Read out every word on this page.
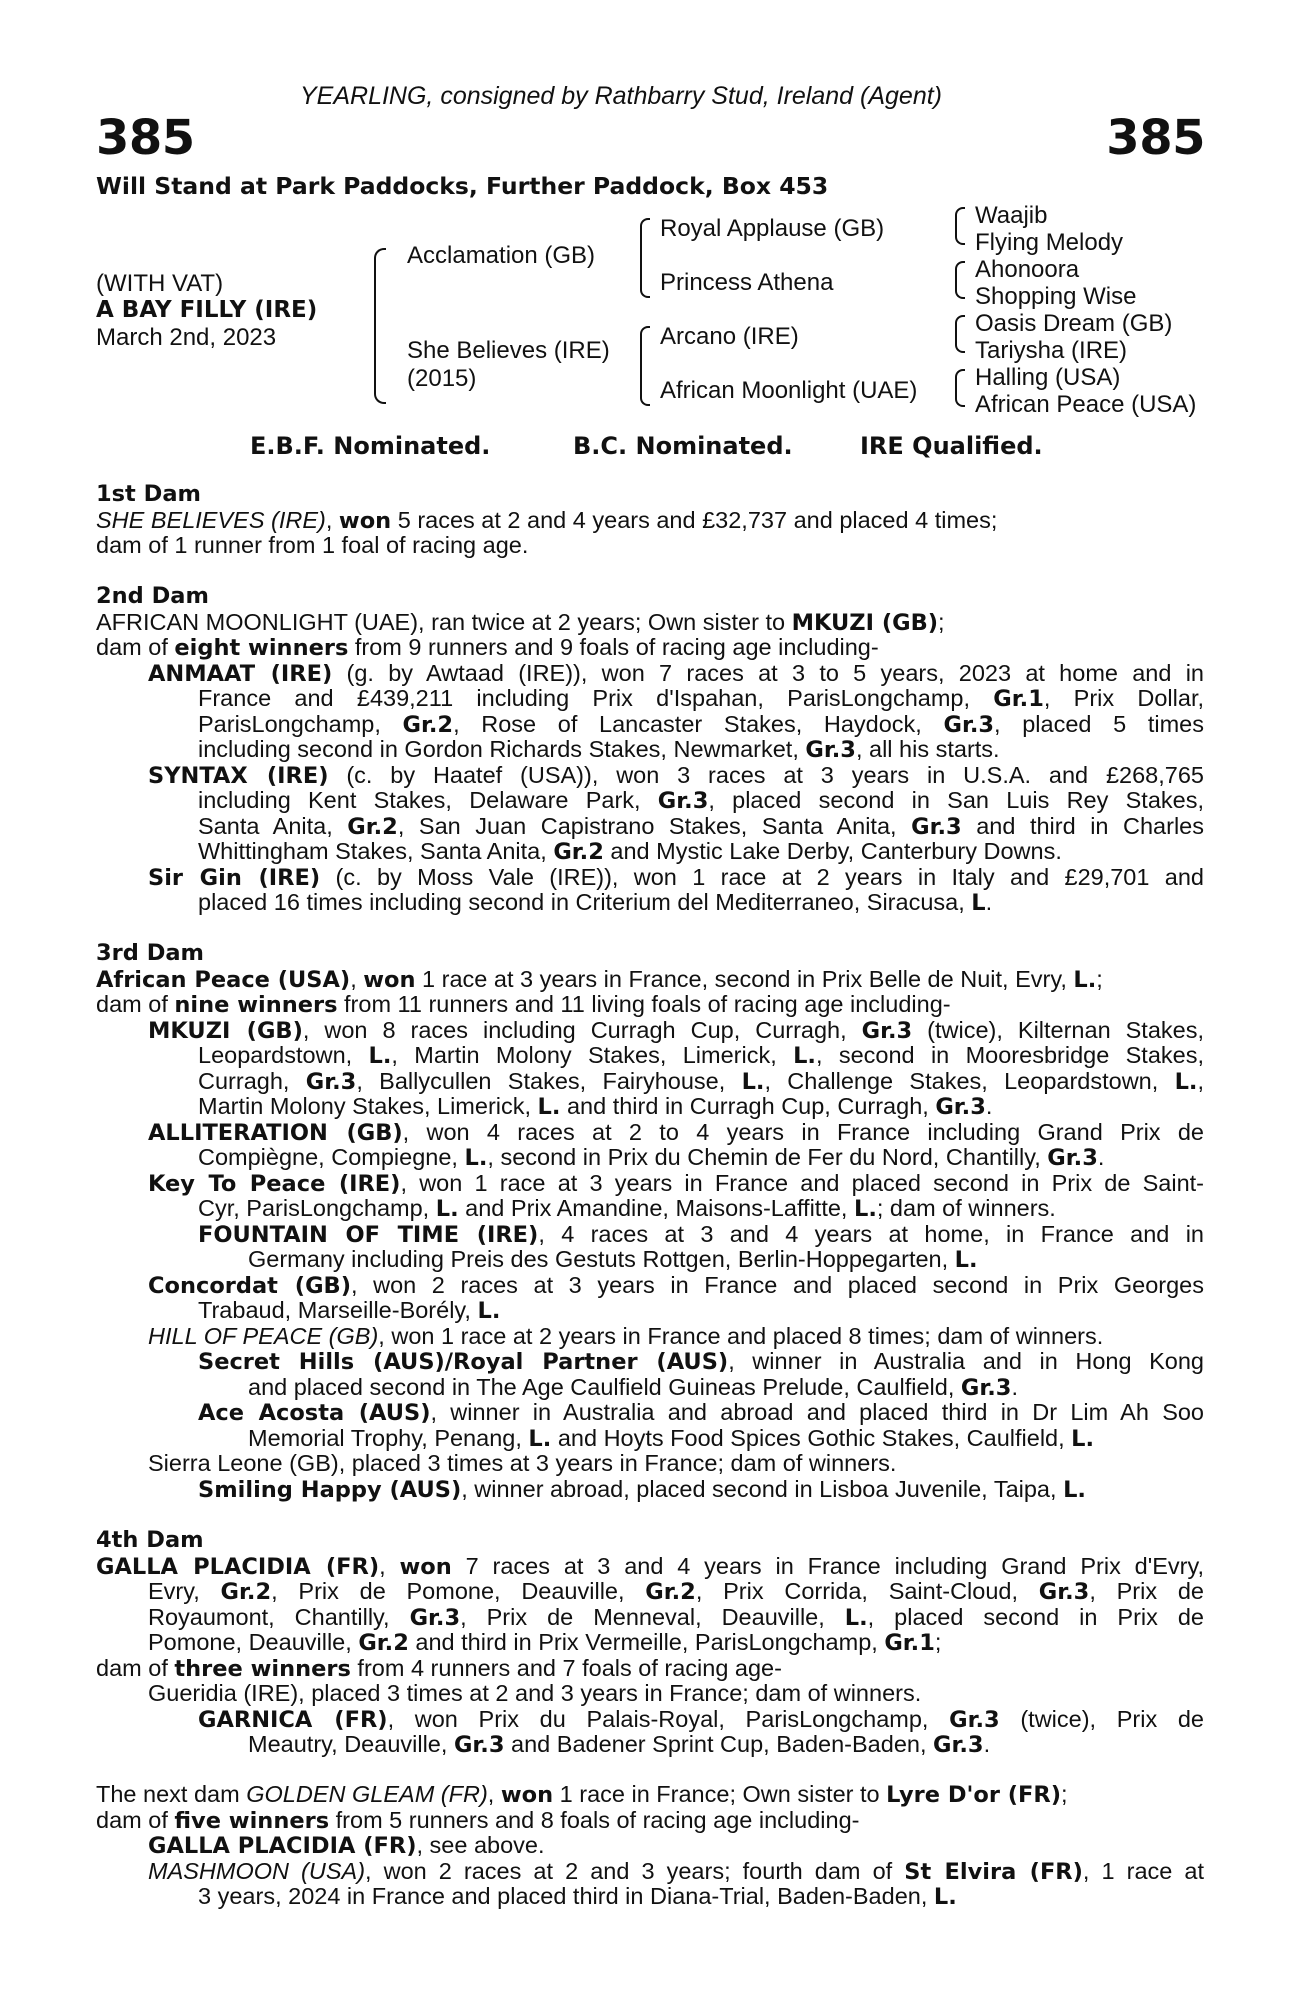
YEARLING, consigned by Rathbarry Stud, Ireland (Agent)
385	385
Will Stand at Park Paddocks, Further Paddock, Box 453
(WITH VAT)
A BAY FILLY (IRE)
March 2nd, 2023
Acclamation (GB)
She Believes (IRE)
(2015)
Royal Applause (GB)
Princess Athena
Arcano (IRE)
African Moonlight (UAE)
Waajib
Flying Melody
Ahonoora
Shopping Wise
Oasis Dream (GB)
Tariysha (IRE)
Halling (USA)
African Peace (USA)
E.B.F. Nominated.	B.C. Nominated.	IRE Qualified.
1st Dam
SHE BELIEVES (IRE), won 5 races at 2 and 4 years and £32,737 and placed 4 times;
dam of 1 runner from 1 foal of racing age.
2nd Dam
AFRICAN MOONLIGHT (UAE), ran twice at 2 years; Own sister to MKUZI (GB);
dam of eight winners from 9 runners and 9 foals of racing age including-
ANMAAT (IRE) (g. by Awtaad (IRE)), won 7 races at 3 to 5 years, 2023 at home and in
France and £439,211 including Prix d'Ispahan, ParisLongchamp, Gr.1, Prix Dollar,
ParisLongchamp, Gr.2, Rose of Lancaster Stakes, Haydock, Gr.3, placed 5 times
including second in Gordon Richards Stakes, Newmarket, Gr.3, all his starts.
SYNTAX (IRE) (c. by Haatef (USA)), won 3 races at 3 years in U.S.A. and £268,765
including Kent Stakes, Delaware Park, Gr.3, placed second in San Luis Rey Stakes,
Santa Anita, Gr.2, San Juan Capistrano Stakes, Santa Anita, Gr.3 and third in Charles
Whittingham Stakes, Santa Anita, Gr.2 and Mystic Lake Derby, Canterbury Downs.
Sir Gin (IRE) (c. by Moss Vale (IRE)), won 1 race at 2 years in Italy and £29,701 and
placed 16 times including second in Criterium del Mediterraneo, Siracusa, L.
3rd Dam
African Peace (USA), won 1 race at 3 years in France, second in Prix Belle de Nuit, Evry, L.;
dam of nine winners from 11 runners and 11 living foals of racing age including-
MKUZI (GB), won 8 races including Curragh Cup, Curragh, Gr.3 (twice), Kilternan Stakes,
Leopardstown, L., Martin Molony Stakes, Limerick, L., second in Mooresbridge Stakes,
Curragh, Gr.3, Ballycullen Stakes, Fairyhouse, L., Challenge Stakes, Leopardstown, L.,
Martin Molony Stakes, Limerick, L. and third in Curragh Cup, Curragh, Gr.3.
ALLITERATION (GB), won 4 races at 2 to 4 years in France including Grand Prix de
Compiègne, Compiegne, L., second in Prix du Chemin de Fer du Nord, Chantilly, Gr.3.
Key To Peace (IRE), won 1 race at 3 years in France and placed second in Prix de Saint-
Cyr, ParisLongchamp, L. and Prix Amandine, Maisons-Laffitte, L.; dam of winners.
FOUNTAIN OF TIME (IRE), 4 races at 3 and 4 years at home, in France and in
Germany including Preis des Gestuts Rottgen, Berlin-Hoppegarten, L.
Concordat (GB), won 2 races at 3 years in France and placed second in Prix Georges
Trabaud, Marseille-Borély, L.
HILL OF PEACE (GB), won 1 race at 2 years in France and placed 8 times; dam of winners.
Secret Hills (AUS)/Royal Partner (AUS), winner in Australia and in Hong Kong
and placed second in The Age Caulfield Guineas Prelude, Caulfield, Gr.3.
Ace Acosta (AUS), winner in Australia and abroad and placed third in Dr Lim Ah Soo
Memorial Trophy, Penang, L. and Hoyts Food Spices Gothic Stakes, Caulfield, L.
Sierra Leone (GB), placed 3 times at 3 years in France; dam of winners.
Smiling Happy (AUS), winner abroad, placed second in Lisboa Juvenile, Taipa, L.
4th Dam
GALLA PLACIDIA (FR), won 7 races at 3 and 4 years in France including Grand Prix d'Evry,
Evry, Gr.2, Prix de Pomone, Deauville, Gr.2, Prix Corrida, Saint-Cloud, Gr.3, Prix de
Royaumont, Chantilly, Gr.3, Prix de Menneval, Deauville, L., placed second in Prix de
Pomone, Deauville, Gr.2 and third in Prix Vermeille, ParisLongchamp, Gr.1;
dam of three winners from 4 runners and 7 foals of racing age-
Gueridia (IRE), placed 3 times at 2 and 3 years in France; dam of winners.
GARNICA (FR), won Prix du Palais-Royal, ParisLongchamp, Gr.3 (twice), Prix de
Meautry, Deauville, Gr.3 and Badener Sprint Cup, Baden-Baden, Gr.3.
The next dam GOLDEN GLEAM (FR), won 1 race in France; Own sister to Lyre D'or (FR);
dam of five winners from 5 runners and 8 foals of racing age including-
GALLA PLACIDIA (FR), see above.
MASHMOON (USA), won 2 races at 2 and 3 years; fourth dam of St Elvira (FR), 1 race at
3 years, 2024 in France and placed third in Diana-Trial, Baden-Baden, L.
